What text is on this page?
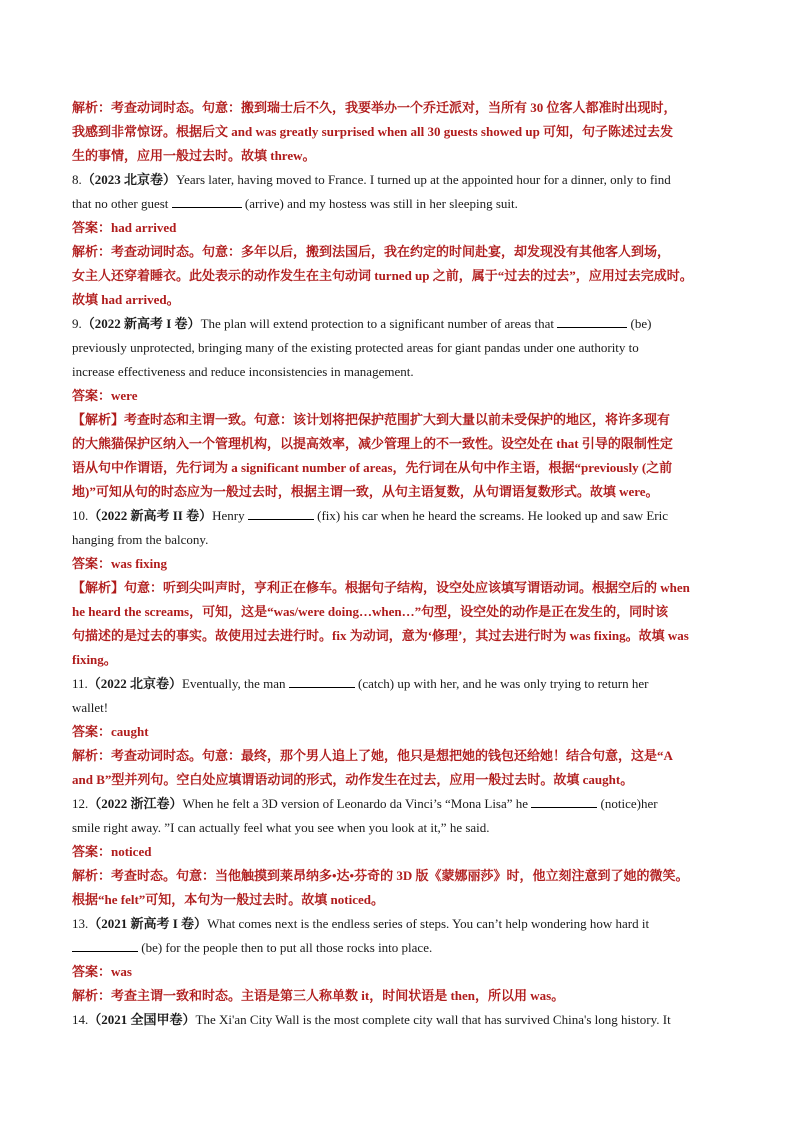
解析：考查动词时态。句意：搬到瑞士后不久，我要举办一个乔迁派对，当所有 30 位客人都准时出现时，
我感到非常惊讶。根据后文 and was greatly surprised when all 30 guests showed up 可知，句子陈述过去发
生的事情，应用一般过去时。故填 threw。

8.（2023 北京卷）Years later, having moved to France. I turned up at the appointed hour for a dinner, only to find
that no other guest	(arrive) and my hostess was still in her sleeping suit.

答案：had arrived

解析：考查动词时态。句意：多年以后，搬到法国后，我在约定的时间赴宴，却发现没有其他客人到场，
女主人还穿着睡衣。此处表示的动作发生在主句动词 turned up 之前，属于“过去的过去”，应用过去完成时。
故填 had arrived。

9.（2022 新高考 I 卷）The plan will extend protection to a significant number of areas that	(be)
previously unprotected, bringing many of the existing protected areas for giant pandas under one authority to
increase effectiveness and reduce inconsistencies in management.

答案：were

【解析】考查时态和主谓一致。句意：该计划将把保护范围扩大到大量以前未受保护的地区，将许多现有
的大熊猫保护区纳入一个管理机构，以提高效率，减少管理上的不一致性。设空处在 that 引导的限制性定
语从句中作谓语，先行词为 a significant number of areas，先行词在从句中作主语，根据“previously (之前
地)”可知从句的时态应为一般过去时，根据主谓一致，从句主语复数，从句谓语复数形式。故填 were。

10.（2022 新高考 II 卷）Henry	(fix) his car when he heard the screams. He looked up and saw Eric
hanging from the balcony.

答案：was fixing

【解析】句意：听到尖叫声时，亨利正在修车。根据句子结构，设空处应该填写谓语动词。根据空后的 when
he heard the screams，可知，这是“was/were doing…when…”句型，设空处的动作是正在发生的，同时该
句描述的是过去的事实。故使用过去进行时。fix 为动词，意为‘修理’，其过去进行时为 was fixing。故填 was
fixing。

11.（2022 北京卷）Eventually, the man	(catch) up with her, and he was only trying to return her
wallet!

答案：caught

解析：考查动词时态。句意：最终，那个男人追上了她，他只是想把她的钱包还给她！结合句意，这是“A
and B”型并列句。空白处应填谓语动词的形式，动作发生在过去，应用一般过去时。故填 caught。

12.（2022 浙江卷）When he felt a 3D version of Leonardo da Vinci’s “Mona Lisa” he	(notice)her
smile right away. ”I can actually feel what you see when you look at it,” he said.

答案：noticed

解析：考查时态。句意：当他触摸到莱昂纳多•达•芬奇的 3D 版《蒙娜丽莎》时，他立刻注意到了她的微笑。
根据“he felt”可知，本句为一般过去时。故填 noticed。

13.（2021 新高考 I 卷）What comes next is the endless series of steps. You can’t help wondering how hard it
(be) for the people then to put all those rocks into place.

答案：was

解析：考查主谓一致和时态。主语是第三人称单数 it，时间状语是 then，所以用 was。

14.（2021 全国甲卷）The Xi'an City Wall is the most complete city wall that has survived China's long history. It
